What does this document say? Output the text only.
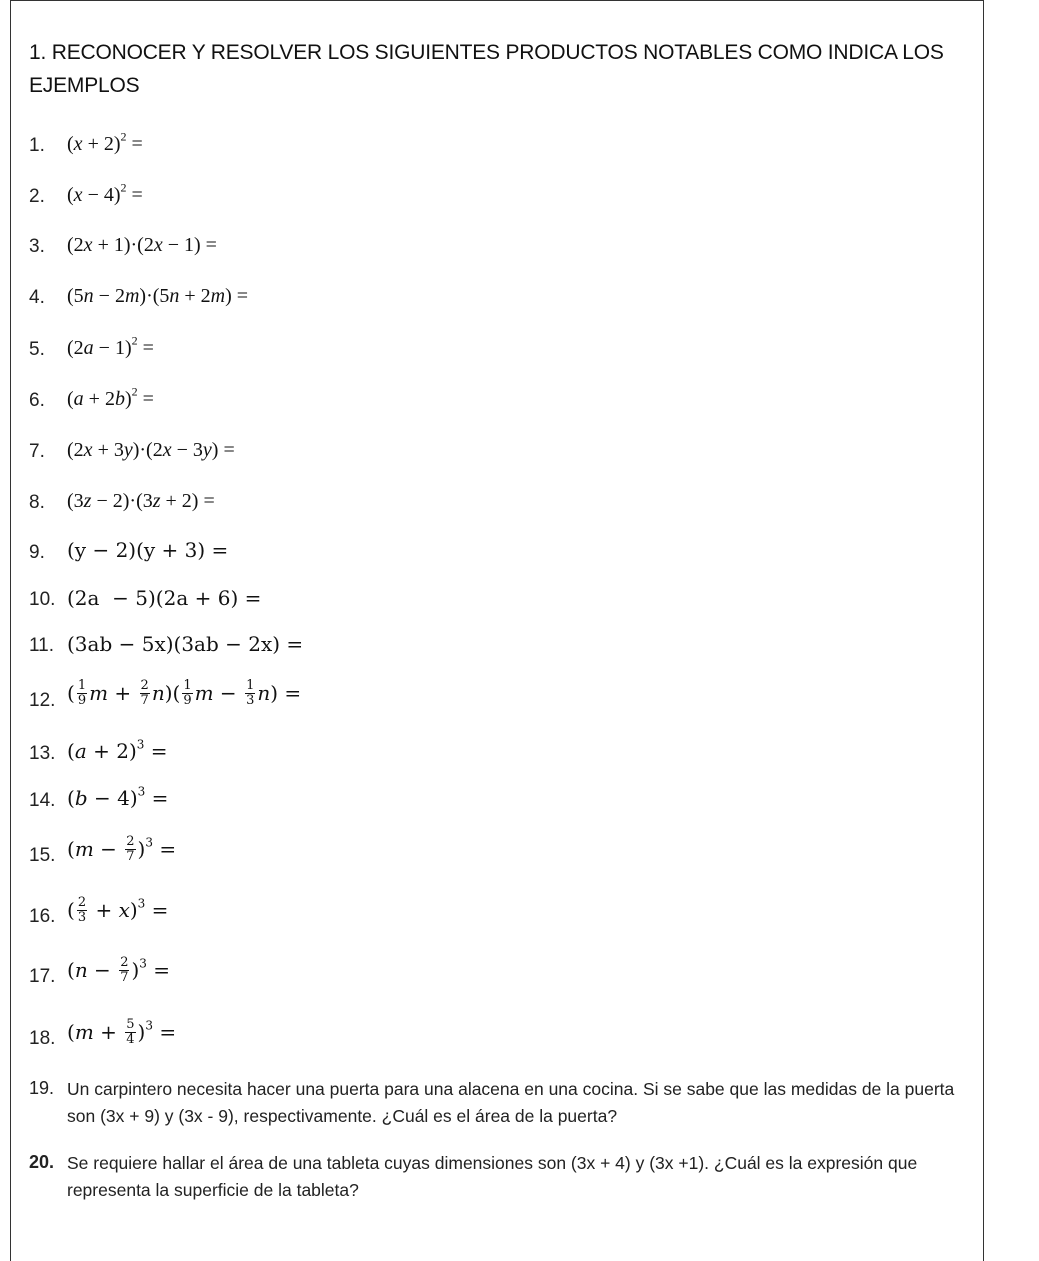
1. RECONOCER Y RESOLVER LOS SIGUIENTES PRODUCTOS NOTABLES COMO INDICA LOS EJEMPLOS
1. $(x + 2)^2$ =
2. $(x - 4)^2$ =
3. (2x + 1)·(2x − 1) =
4. (5n − 2m)·(5n + 2m) =
5. $(2a - 1)^2$ =
6. $(a + 2b)^2$ =
7. (2x + 3y)·(2x − 3y) =
8. (3z − 2)·(3z + 2) =
9. (y − 2)(y + 3) =
10. (2a  − 5)(2a + 6) =
11. (3ab − 5x)(3ab − 2x) =
12. ( $\frac{1}{9}$ $m + \frac{2}{7} n)( \frac{1}{9}$ $m - \frac{1}{3} n$) =
13. $(a + 2)^3$ =
14. $(b - 4)^3$ =
15. $(m - \frac{2}{7} )^3$ =
16. ( $\frac{2}{3} + x)^3$ =
17. $(n - \frac{2}{7} )^3$ =
18. $(m + \frac{5}{4} )^3$ =
19. Un carpintero necesita hacer una puerta para una alacena en una cocina. Si se sabe que las medidas de la puerta son (3x + 9) y (3x - 9), respectivamente. ¿Cuál es el área de la puerta?
20. Se requiere hallar el área de una tableta cuyas dimensiones son (3x + 4) y (3x +1). ¿Cuál es la expresión que representa la superficie de la tableta?
